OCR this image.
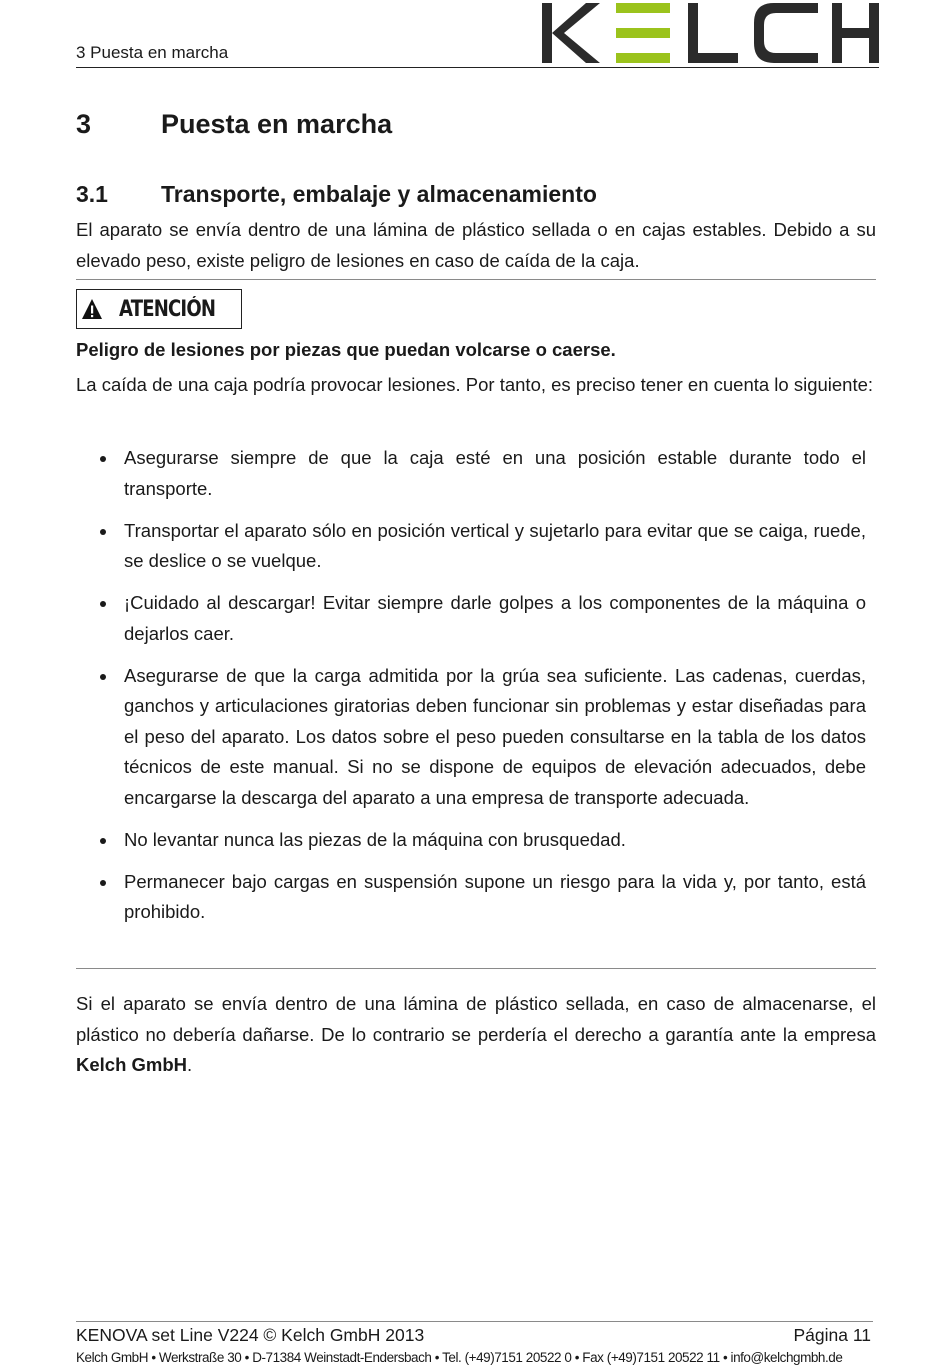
3 Puesta en marcha
3	Puesta en marcha
3.1 Transporte, embalaje y almacenamiento

El aparato se envía dentro de una lámina de plástico sellada o en cajas estables. Debido a su elevado peso, existe peligro de lesiones en caso de caída de la caja.

ATENCIÓN
Peligro de lesiones por piezas que puedan volcarse o caerse.

La caída de una caja podría provocar lesiones. Por tanto, es preciso tener en cuenta lo siguiente:

Asegurarse siempre de que la caja esté en una posición estable durante todo el transporte.
Transportar el aparato sólo en posición vertical y sujetarlo para evitar que se caiga, ruede, se deslice o se vuelque.
¡Cuidado al descargar! Evitar siempre darle golpes a los componentes de la máquina o dejarlos caer.
Asegurarse de que la carga admitida por la grúa sea suficiente. Las cadenas, cuerdas, ganchos y articulaciones giratorias deben funcionar sin problemas y estar diseñadas para el peso del aparato. Los datos sobre el peso pueden consultarse en la tabla de los datos técnicos de este manual. Si no se dispone de equipos de elevación adecuados, debe encargarse la descarga del aparato a una empresa de transporte adecuada.
No levantar nunca las piezas de la máquina con brusquedad.
Permanecer bajo cargas en suspensión supone un riesgo para la vida y, por tanto, está prohibido.

Si el aparato se envía dentro de una lámina de plástico sellada, en caso de almacenarse, el plástico no debería dañarse. De lo contrario se perdería el derecho a garantía ante la empresa Kelch GmbH.

KENOVA set Line V224 © Kelch GmbH 2013	Página 11
Kelch GmbH • Werkstraße 30 • D-71384 Weinstadt-Endersbach • Tel. (+49)7151 20522 0 • Fax (+49)7151 20522 11 • info@kelchgmbh.de
